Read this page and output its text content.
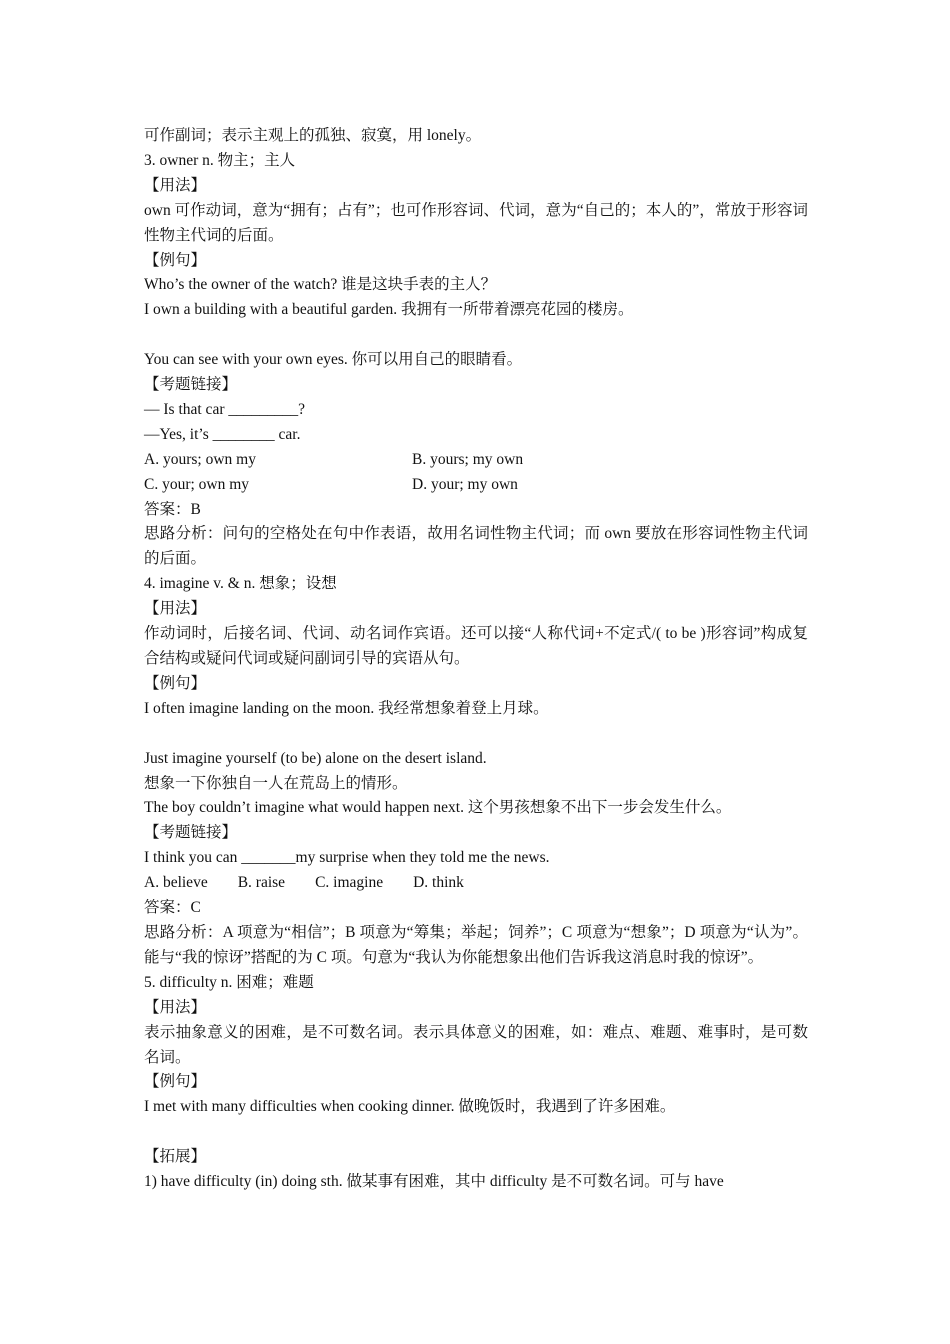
可作副词；表示主观上的孤独、寂寞，用 lonely。
3. owner n. 物主；主人
【用法】
own 可作动词，意为“拥有；占有”；也可作形容词、代词，意为“自己的；本人的”，常放于形容词性物主代词的后面。
【例句】
Who’s the owner of the watch? 谁是这块手表的主人？
I own a building with a beautiful garden. 我拥有一所带着漂亮花园的楼房。
You can see with your own eyes. 你可以用自己的眼睛看。
【考题链接】
— Is that car _________?
—Yes, it’s ________ car.
A. yours; own my	B. yours; my own
C. your; own my	D. your; my own
答案：B
思路分析：问句的空格处在句中作表语，故用名词性物主代词；而 own 要放在形容词性物主代词的后面。
4. imagine v. & n. 想象；设想
【用法】
作动词时，后接名词、代词、动名词作宾语。还可以接“人称代词+不定式/( to be )形容词”构成复合结构或疑问代词或疑问副词引导的宾语从句。
【例句】
I often imagine landing on the moon. 我经常想象着登上月球。
Just imagine yourself (to be) alone on the desert island.
想象一下你独自一人在荒岛上的情形。
The boy couldn’t imagine what would happen next. 这个男孩想象不出下一步会发生什么。
【考题链接】
I think you can _______my surprise when they told me the news.
A. believe B. raise C. imagine D. think
答案：C
思路分析：A 项意为“相信”；B 项意为“筹集；举起；饲养”；C 项意为“想象”；D 项意为“认为”。能与“我的惊讶”搭配的为 C 项。句意为“我认为你能想象出他们告诉我这消息时我的惊讶”。
5. difficulty n. 困难；难题
【用法】
表示抽象意义的困难，是不可数名词。表示具体意义的困难，如：难点、难题、难事时，是可数名词。
【例句】
I met with many difficulties when cooking dinner. 做晚饭时，我遇到了许多困难。
【拓展】
1) have difficulty (in) doing sth. 做某事有困难，其中 difficulty 是不可数名词。可与 have
